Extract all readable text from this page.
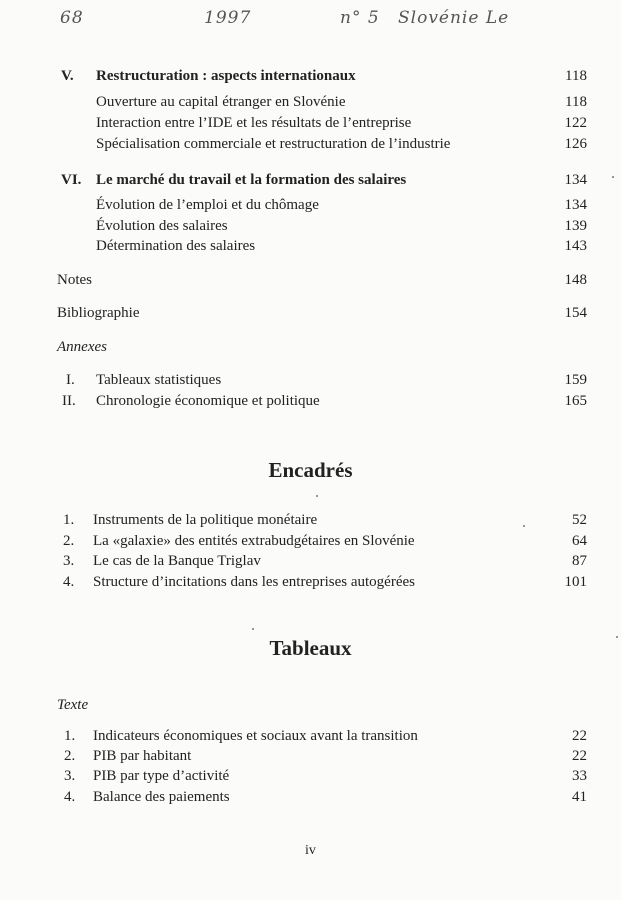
68	1997	n° 5 Slovénie Le
V. Restructuration : aspects internationaux	118
Ouverture au capital étranger en Slovénie	118
Interaction entre l’IDE et les résultats de l’entreprise	122
Spécialisation commerciale et restructuration de l’industrie	126
VI. Le marché du travail et la formation des salaires	134
Évolution de l’emploi et du chômage	134
Évolution des salaires	139
Détermination des salaires	143
Notes	148
Bibliographie	154
Annexes
I. Tableaux statistiques	159
II. Chronologie économique et politique	165
Encadrés
1. Instruments de la politique monétaire	52
2. La «galaxie» des entités extrabudgétaires en Slovénie	64
3. Le cas de la Banque Triglav	87
4. Structure d’incitations dans les entreprises autogérées	101
Tableaux
Texte
1. Indicateurs économiques et sociaux avant la transition	22
2. PIB par habitant	22
3. PIB par type d’activité	33
4. Balance des paiements	41
iv
